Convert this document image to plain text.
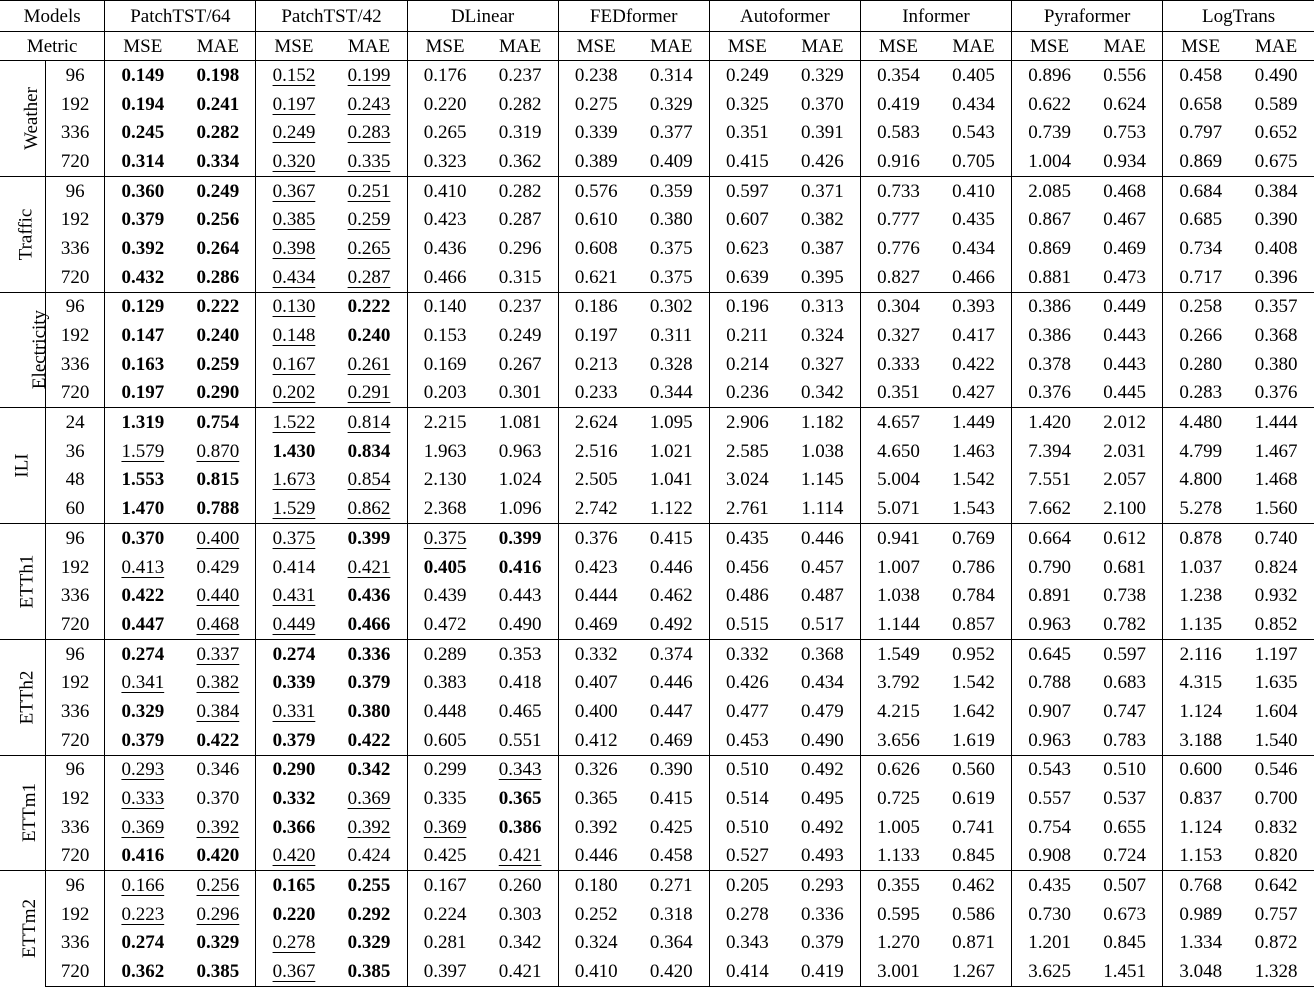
Models		PatchTST/64		PatchTST/42		DLinear		FEDformer		Autoformer		Informer		Pyraformer		LogTrans	
Metric		MSE	MAE	MSE	MAE	MSE	MAE	MSE	MAE	MSE	MAE	MSE	MAE	MSE	MAE	MSE	MAE
Weather	96	0.149	0.198	0.152	0.199	0.176	0.237	0.238	0.314	0.249	0.329	0.354	0.405	0.896	0.556	0.458	0.490
	192	0.194	0.241	0.197	0.243	0.220	0.282	0.275	0.329	0.325	0.370	0.419	0.434	0.622	0.624	0.658	0.589
	336	0.245	0.282	0.249	0.283	0.265	0.319	0.339	0.377	0.351	0.391	0.583	0.543	0.739	0.753	0.797	0.652
	720	0.314	0.334	0.320	0.335	0.323	0.362	0.389	0.409	0.415	0.426	0.916	0.705	1.004	0.934	0.869	0.675
Traffic	96	0.360	0.249	0.367	0.251	0.410	0.282	0.576	0.359	0.597	0.371	0.733	0.410	2.085	0.468	0.684	0.384
	192	0.379	0.256	0.385	0.259	0.423	0.287	0.610	0.380	0.607	0.382	0.777	0.435	0.867	0.467	0.685	0.390
	336	0.392	0.264	0.398	0.265	0.436	0.296	0.608	0.375	0.623	0.387	0.776	0.434	0.869	0.469	0.734	0.408
	720	0.432	0.286	0.434	0.287	0.466	0.315	0.621	0.375	0.639	0.395	0.827	0.466	0.881	0.473	0.717	0.396
Electricity	96	0.129	0.222	0.130	0.222	0.140	0.237	0.186	0.302	0.196	0.313	0.304	0.393	0.386	0.449	0.258	0.357
	192	0.147	0.240	0.148	0.240	0.153	0.249	0.197	0.311	0.211	0.324	0.327	0.417	0.386	0.443	0.266	0.368
	336	0.163	0.259	0.167	0.261	0.169	0.267	0.213	0.328	0.214	0.327	0.333	0.422	0.378	0.443	0.280	0.380
	720	0.197	0.290	0.202	0.291	0.203	0.301	0.233	0.344	0.236	0.342	0.351	0.427	0.376	0.445	0.283	0.376
ILI	24	1.319	0.754	1.522	0.814	2.215	1.081	2.624	1.095	2.906	1.182	4.657	1.449	1.420	2.012	4.480	1.444
	36	1.579	0.870	1.430	0.834	1.963	0.963	2.516	1.021	2.585	1.038	4.650	1.463	7.394	2.031	4.799	1.467
	48	1.553	0.815	1.673	0.854	2.130	1.024	2.505	1.041	3.024	1.145	5.004	1.542	7.551	2.057	4.800	1.468
	60	1.470	0.788	1.529	0.862	2.368	1.096	2.742	1.122	2.761	1.114	5.071	1.543	7.662	2.100	5.278	1.560
ETTh1	96	0.370	0.400	0.375	0.399	0.375	0.399	0.376	0.415	0.435	0.446	0.941	0.769	0.664	0.612	0.878	0.740
	192	0.413	0.429	0.414	0.421	0.405	0.416	0.423	0.446	0.456	0.457	1.007	0.786	0.790	0.681	1.037	0.824
	336	0.422	0.440	0.431	0.436	0.439	0.443	0.444	0.462	0.486	0.487	1.038	0.784	0.891	0.738	1.238	0.932
	720	0.447	0.468	0.449	0.466	0.472	0.490	0.469	0.492	0.515	0.517	1.144	0.857	0.963	0.782	1.135	0.852
ETTh2	96	0.274	0.337	0.274	0.336	0.289	0.353	0.332	0.374	0.332	0.368	1.549	0.952	0.645	0.597	2.116	1.197
	192	0.341	0.382	0.339	0.379	0.383	0.418	0.407	0.446	0.426	0.434	3.792	1.542	0.788	0.683	4.315	1.635
	336	0.329	0.384	0.331	0.380	0.448	0.465	0.400	0.447	0.477	0.479	4.215	1.642	0.907	0.747	1.124	1.604
	720	0.379	0.422	0.379	0.422	0.605	0.551	0.412	0.469	0.453	0.490	3.656	1.619	0.963	0.783	3.188	1.540
ETTm1	96	0.293	0.346	0.290	0.342	0.299	0.343	0.326	0.390	0.510	0.492	0.626	0.560	0.543	0.510	0.600	0.546
	192	0.333	0.370	0.332	0.369	0.335	0.365	0.365	0.415	0.514	0.495	0.725	0.619	0.557	0.537	0.837	0.700
	336	0.369	0.392	0.366	0.392	0.369	0.386	0.392	0.425	0.510	0.492	1.005	0.741	0.754	0.655	1.124	0.832
	720	0.416	0.420	0.420	0.424	0.425	0.421	0.446	0.458	0.527	0.493	1.133	0.845	0.908	0.724	1.153	0.820
ETTm2	96	0.166	0.256	0.165	0.255	0.167	0.260	0.180	0.271	0.205	0.293	0.355	0.462	0.435	0.507	0.768	0.642
	192	0.223	0.296	0.220	0.292	0.224	0.303	0.252	0.318	0.278	0.336	0.595	0.586	0.730	0.673	0.989	0.757
	336	0.274	0.329	0.278	0.329	0.281	0.342	0.324	0.364	0.343	0.379	1.270	0.871	1.201	0.845	1.334	0.872
	720	0.362	0.385	0.367	0.385	0.397	0.421	0.410	0.420	0.414	0.419	3.001	1.267	3.625	1.451	3.048	1.328
